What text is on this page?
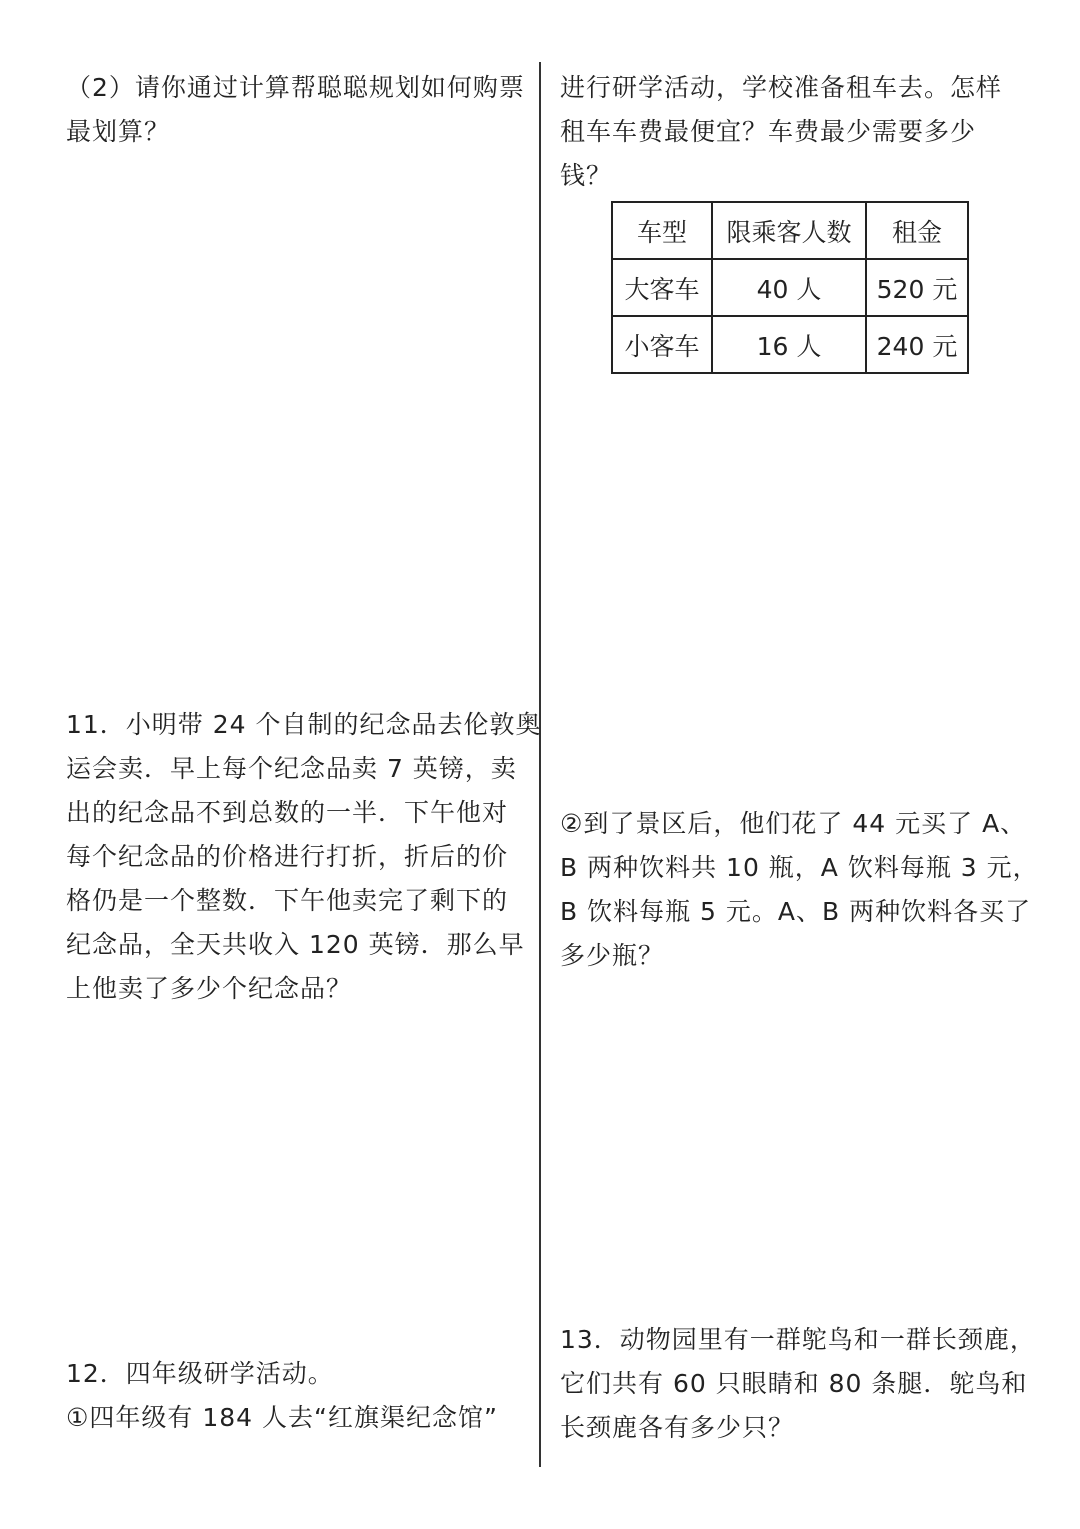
（2）请你通过计算帮聪聪规划如何购票
最划算？
11．小明带 24 个自制的纪念品去伦敦奥
运会卖．早上每个纪念品卖 7 英镑，卖
出的纪念品不到总数的一半．下午他对
每个纪念品的价格进行打折，折后的价
格仍是一个整数．下午他卖完了剩下的
纪念品，全天共收入 120 英镑．那么早
上他卖了多少个纪念品？
12．四年级研学活动。
①四年级有 184 人去“红旗渠纪念馆”
进行研学活动，学校准备租车去。怎样
租车车费最便宜？车费最少需要多少
钱？
车型	限乘客人数	租金
大客车	40 人	520 元
小客车	16 人	240 元
②到了景区后，他们花了 44 元买了 A、
B 两种饮料共 10 瓶，A 饮料每瓶 3 元，
B 饮料每瓶 5 元。A、B 两种饮料各买了
多少瓶？
13．动物园里有一群鸵鸟和一群长颈鹿，
它们共有 60 只眼睛和 80 条腿．鸵鸟和
长颈鹿各有多少只？
